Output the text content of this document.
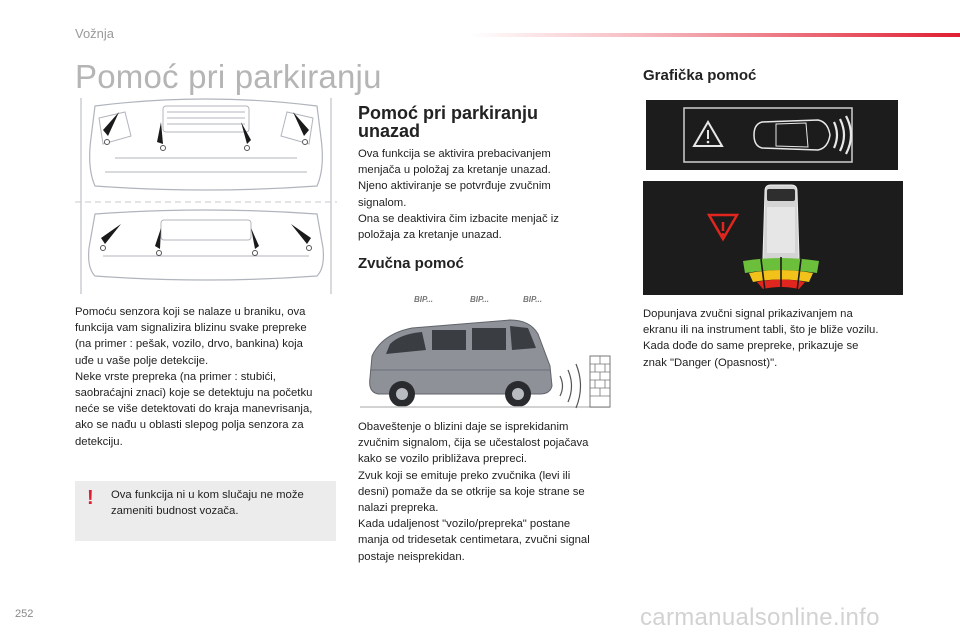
Vožnja
Pomoć pri parkiranju
Pomoću senzora koji se nalaze u braniku, ova
funkcija vam signalizira blizinu svake prepreke
(na primer : pešak, vozilo, drvo, bankina) koja
uđe u vaše polje detekcije.
Neke vrste prepreka (na primer : stubići,
saobraćajni znaci) koje se detektuju na početku
neće se više detektovati do kraja manevrisanja,
ako se nađu u oblasti slepog polja senzora za
detekciju.
! Ova funkcija ni u kom slučaju ne može
zameniti budnost vozača.
Pomoć pri parkiranju
unazad
Ova funkcija se aktivira prebacivanjem
menjača u položaj za kretanje unazad.
Njeno aktiviranje se potvrđuje zvučnim
signalom.
Ona se deaktivira čim izbacite menjač iz
položaja za kretanje unazad.
Zvučna pomoć
BIP...	BIP...	BIP...
Obaveštenje o blizini daje se isprekidanim
zvučnim signalom, čija se učestalost pojačava
kako se vozilo približava prepreci.
Zvuk koji se emituje preko zvučnika (levi ili
desni) pomaže da se otkrije sa koje strane se
nalazi prepreka.
Kada udaljenost "vozilo/prepreka" postane
manja od tridesetak centimetara, zvučni signal
postaje neisprekidan.
Grafička pomoć
Dopunjava zvučni signal prikazivanjem na
ekranu ili na instrument tabli, što je bliže vozilu.
Kada dođe do same prepreke, prikazuje se
znak "Danger (Opasnost)".
252	carmanualsonline.info
